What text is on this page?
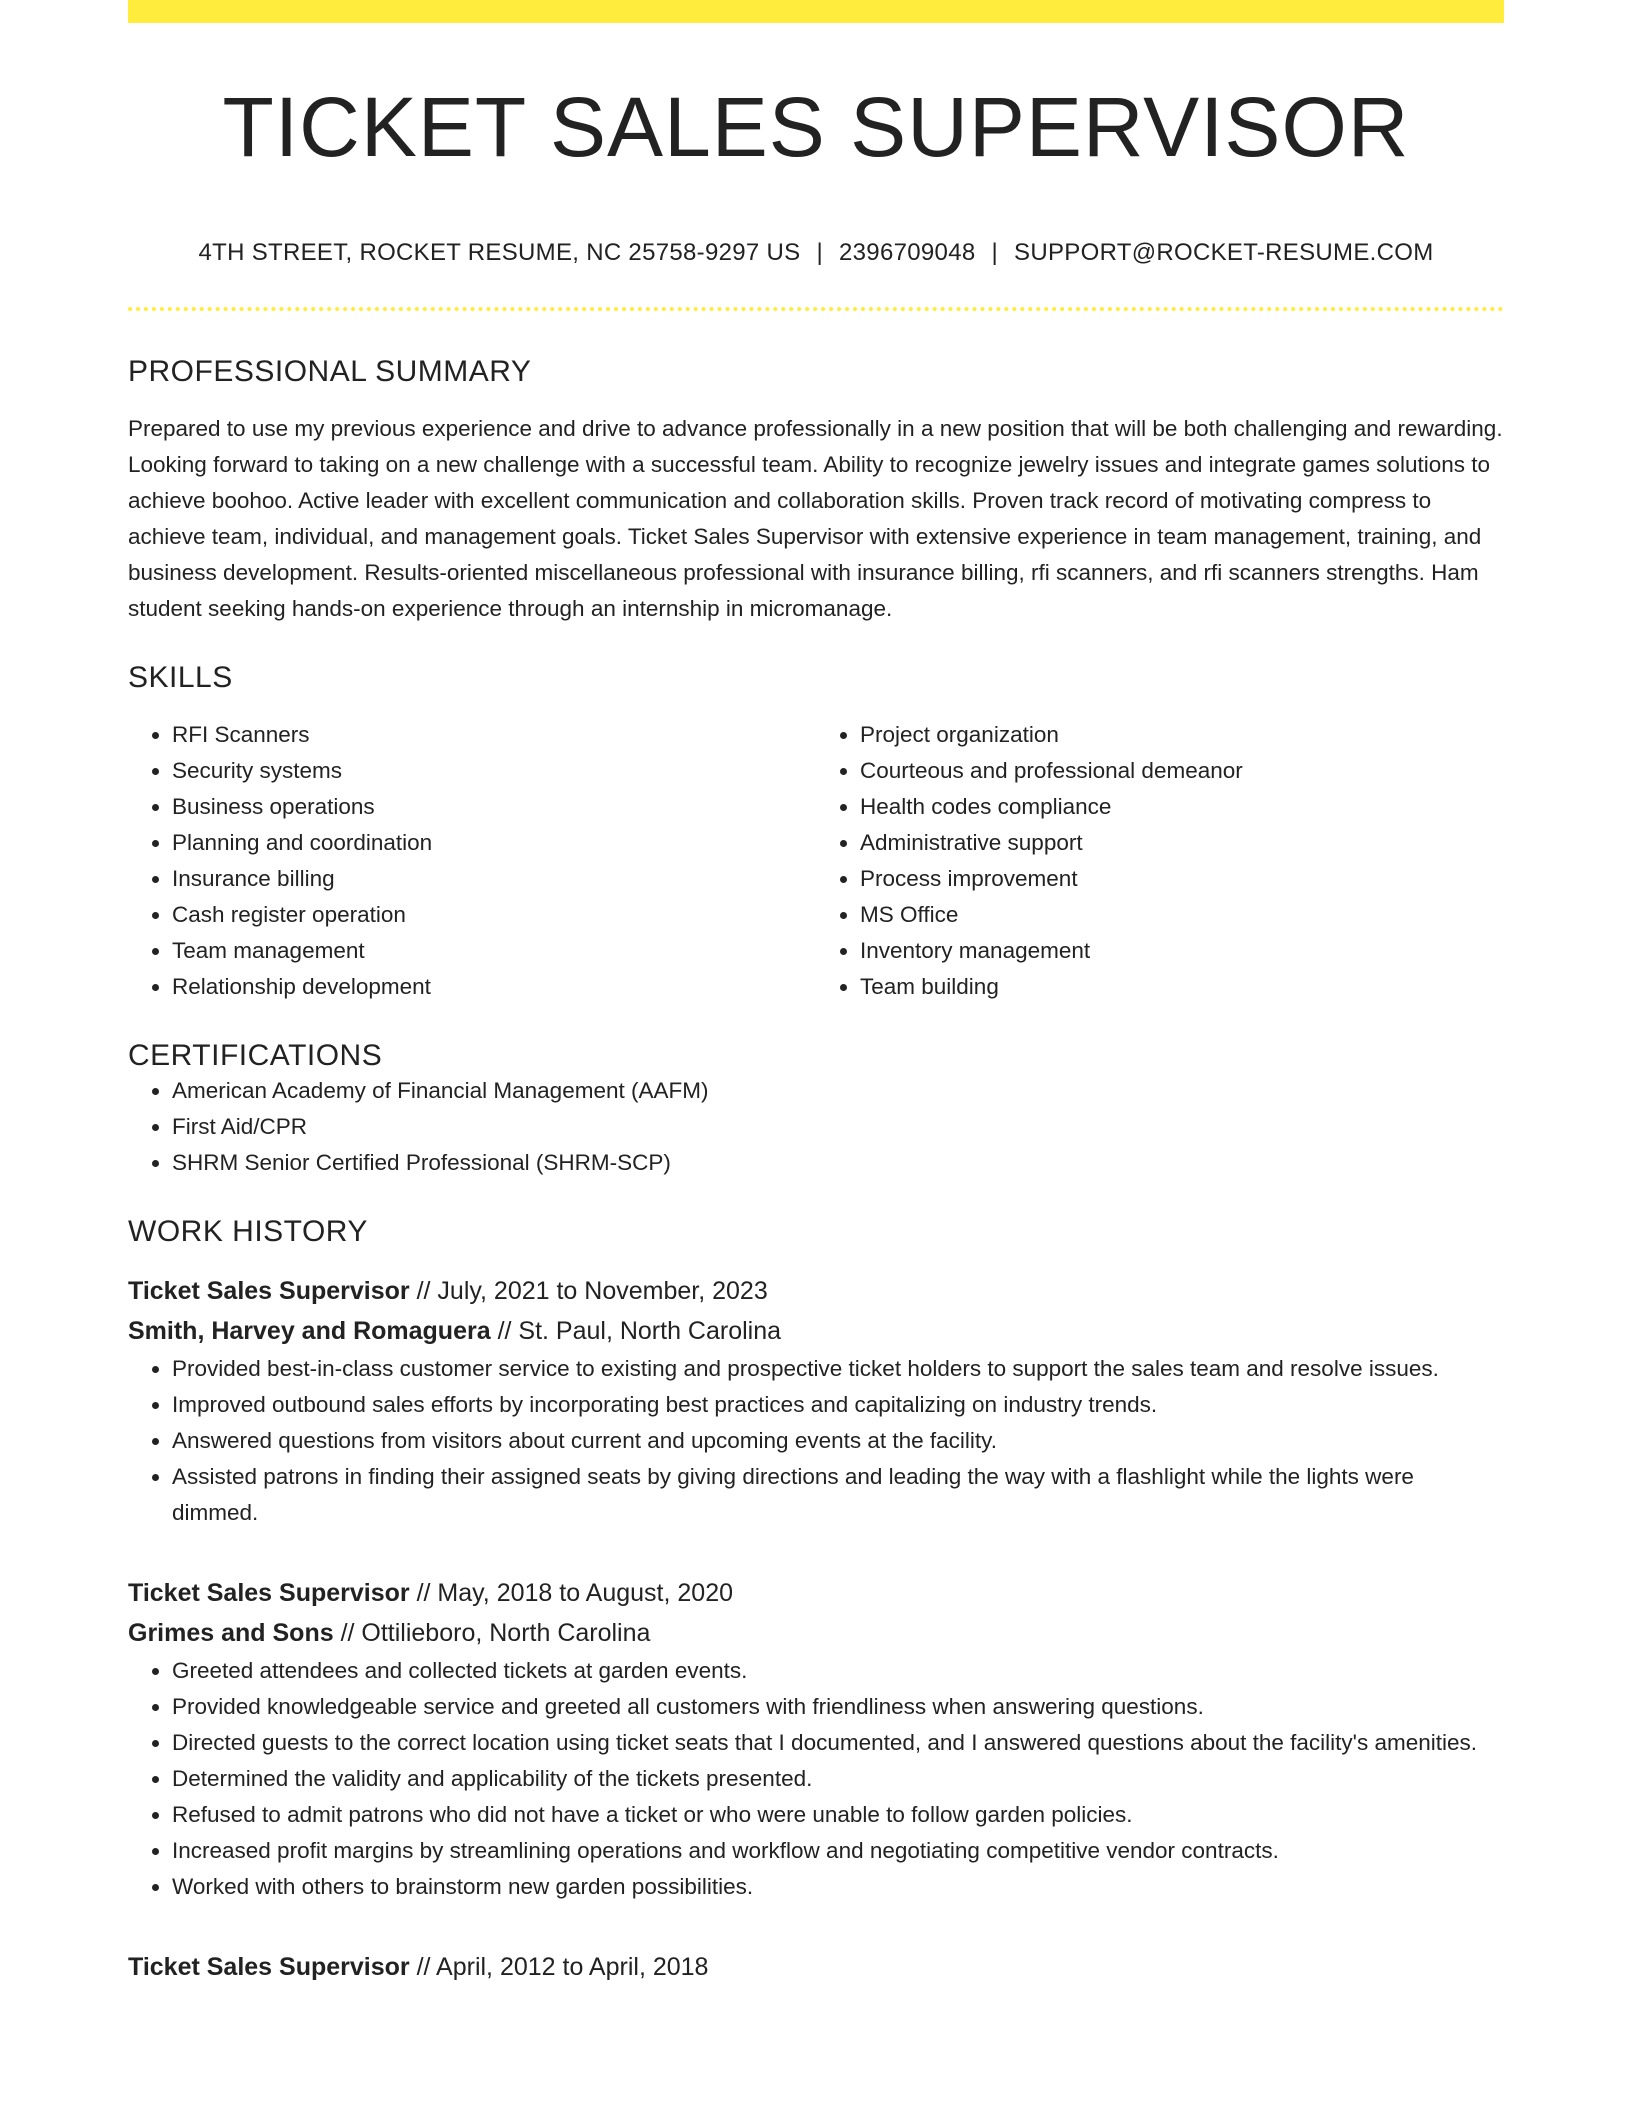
TICKET SALES SUPERVISOR
4TH STREET, ROCKET RESUME, NC 25758-9297 US | 2396709048 | SUPPORT@ROCKET-RESUME.COM
PROFESSIONAL SUMMARY

Prepared to use my previous experience and drive to advance professionally in a new position that will be both challenging and rewarding. Looking forward to taking on a new challenge with a successful team. Ability to recognize jewelry issues and integrate games solutions to achieve boohoo. Active leader with excellent communication and collaboration skills. Proven track record of motivating compress to achieve team, individual, and management goals. Ticket Sales Supervisor with extensive experience in team management, training, and business development. Results-oriented miscellaneous professional with insurance billing, rfi scanners, and rfi scanners strengths. Ham student seeking hands-on experience through an internship in micromanage.

SKILLS
• RFI Scanners
• Security systems
• Business operations
• Planning and coordination
• Insurance billing
• Cash register operation
• Team management
• Relationship development
• Project organization
• Courteous and professional demeanor
• Health codes compliance
• Administrative support
• Process improvement
• MS Office
• Inventory management
• Team building
CERTIFICATIONS
• American Academy of Financial Management (AAFM)
• First Aid/CPR
• SHRM Senior Certified Professional (SHRM-SCP)
WORK HISTORY
Ticket Sales Supervisor // July, 2021 to November, 2023
Smith, Harvey and Romaguera // St. Paul, North Carolina
• Provided best-in-class customer service to existing and prospective ticket holders to support the sales team and resolve issues.
• Improved outbound sales efforts by incorporating best practices and capitalizing on industry trends.
• Answered questions from visitors about current and upcoming events at the facility.
• Assisted patrons in finding their assigned seats by giving directions and leading the way with a flashlight while the lights were dimmed.
Ticket Sales Supervisor // May, 2018 to August, 2020
Grimes and Sons // Ottilieboro, North Carolina
• Greeted attendees and collected tickets at garden events.
• Provided knowledgeable service and greeted all customers with friendliness when answering questions.
• Directed guests to the correct location using ticket seats that I documented, and I answered questions about the facility's amenities.
• Determined the validity and applicability of the tickets presented.
• Refused to admit patrons who did not have a ticket or who were unable to follow garden policies.
• Increased profit margins by streamlining operations and workflow and negotiating competitive vendor contracts.
• Worked with others to brainstorm new garden possibilities.
Ticket Sales Supervisor // April, 2012 to April, 2018
